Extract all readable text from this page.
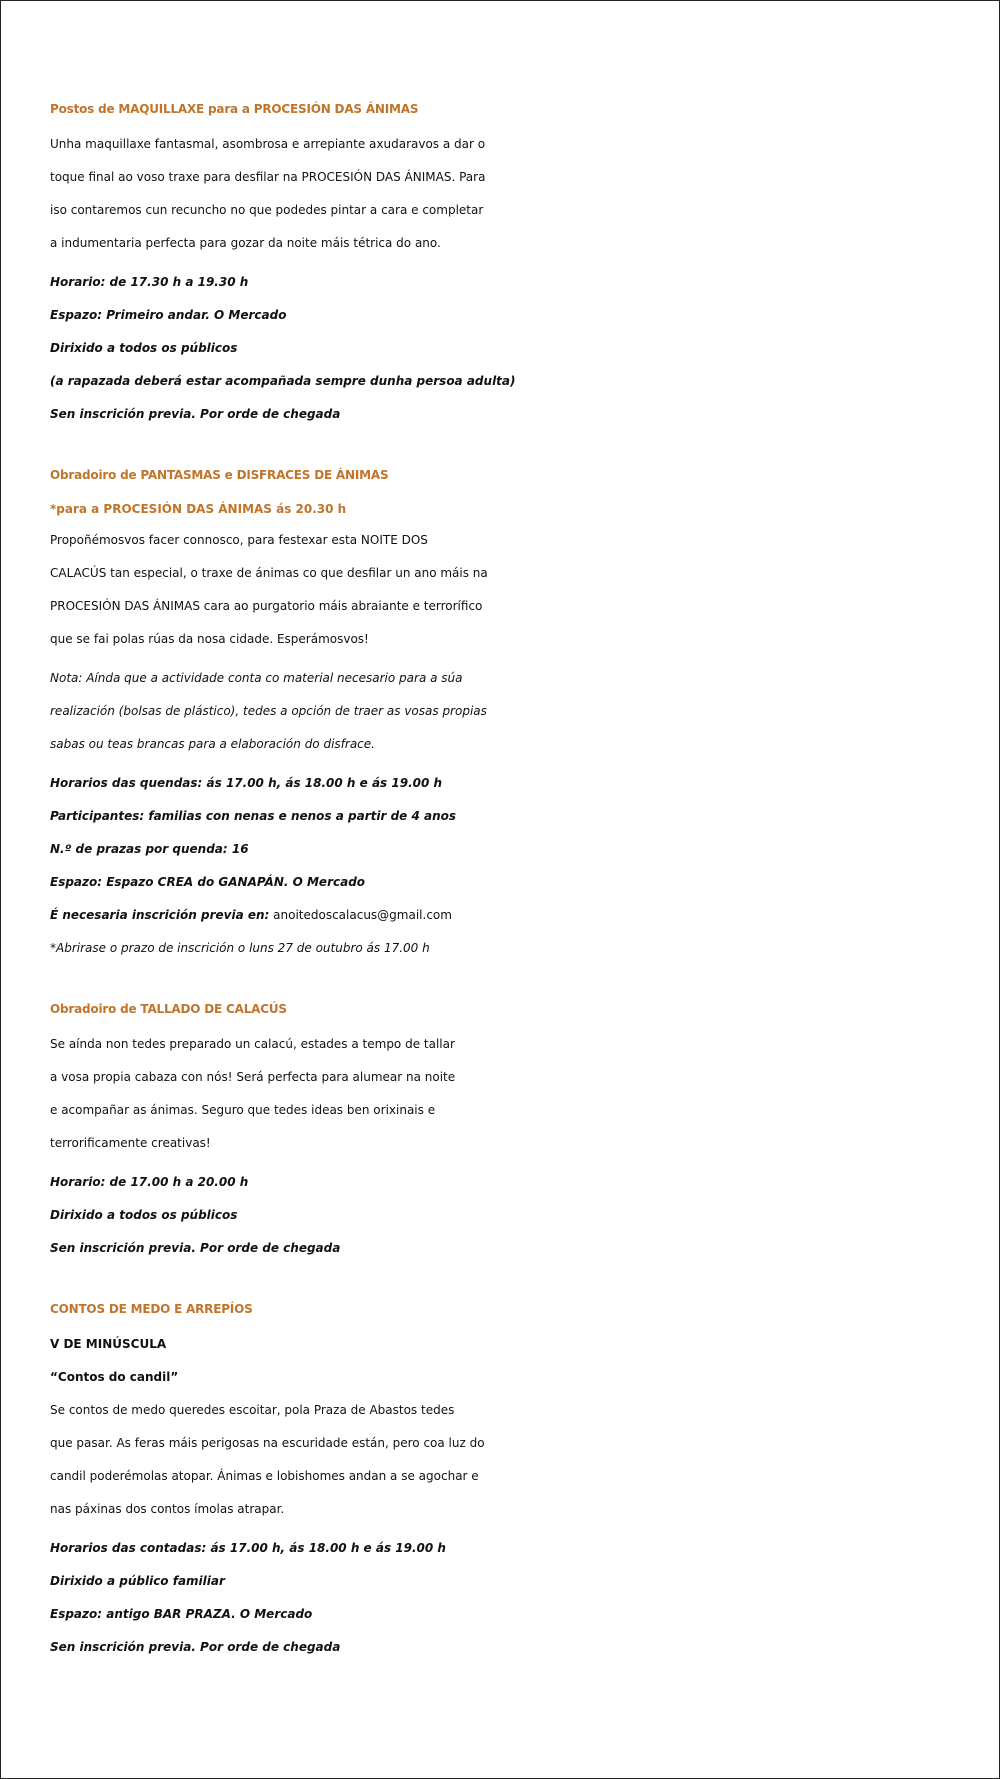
Postos de MAQUILLAXE para a PROCESIÓN DAS ÁNIMAS
Unha maquillaxe fantasmal, asombrosa e arrepiante axudaravos a dar o
toque final ao voso traxe para desfilar na PROCESIÓN DAS ÁNIMAS. Para
iso contaremos cun recuncho no que podedes pintar a cara e completar
a indumentaria perfecta para gozar da noite máis tétrica do ano.
Horario: de 17.30 h a 19.30 h
Espazo: Primeiro andar. O Mercado
Dirixido a todos os públicos
(a rapazada deberá estar acompañada sempre dunha persoa adulta)
Sen inscrición previa. Por orde de chegada
Obradoiro de PANTASMAS e DISFRACES DE ÁNIMAS
*para a PROCESIÓN DAS ÁNIMAS ás 20.30 h
Propoñémosvos facer connosco, para festexar esta NOITE DOS
CALACÚS tan especial, o traxe de ánimas co que desfilar un ano máis na
PROCESIÓN DAS ÁNIMAS cara ao purgatorio máis abraiante e terrorífico
que se fai polas rúas da nosa cidade. Esperámosvos!
Nota: Aínda que a actividade conta co material necesario para a súa
realización (bolsas de plástico), tedes a opción de traer as vosas propias
sabas ou teas brancas para a elaboración do disfrace.
Horarios das quendas: ás 17.00 h, ás 18.00 h e ás 19.00 h
Participantes: familias con nenas e nenos a partir de 4 anos
N.º de prazas por quenda: 16
Espazo: Espazo CREA do GANAPÁN. O Mercado
É necesaria inscrición previa en: anoitedoscalacus@gmail.com
*Abrirase o prazo de inscrición o luns 27 de outubro ás 17.00 h
Obradoiro de TALLADO DE CALACÚS
Se aínda non tedes preparado un calacú, estades a tempo de tallar
a vosa propia cabaza con nós! Será perfecta para alumear na noite
e acompañar as ánimas. Seguro que tedes ideas ben orixinais e
terrorificamente creativas!
Horario: de 17.00 h a 20.00 h
Dirixido a todos os públicos
Sen inscrición previa. Por orde de chegada
CONTOS DE MEDO E ARREPÍOS
V DE MINÚSCULA
“Contos do candil”
Se contos de medo queredes escoitar, pola Praza de Abastos tedes
que pasar. As feras máis perigosas na escuridade están, pero coa luz do
candil poderémolas atopar. Ánimas e lobishomes andan a se agochar e
nas páxinas dos contos ímolas atrapar.
Horarios das contadas: ás 17.00 h, ás 18.00 h e ás 19.00 h
Dirixido a público familiar
Espazo: antigo BAR PRAZA. O Mercado
Sen inscrición previa. Por orde de chegada
